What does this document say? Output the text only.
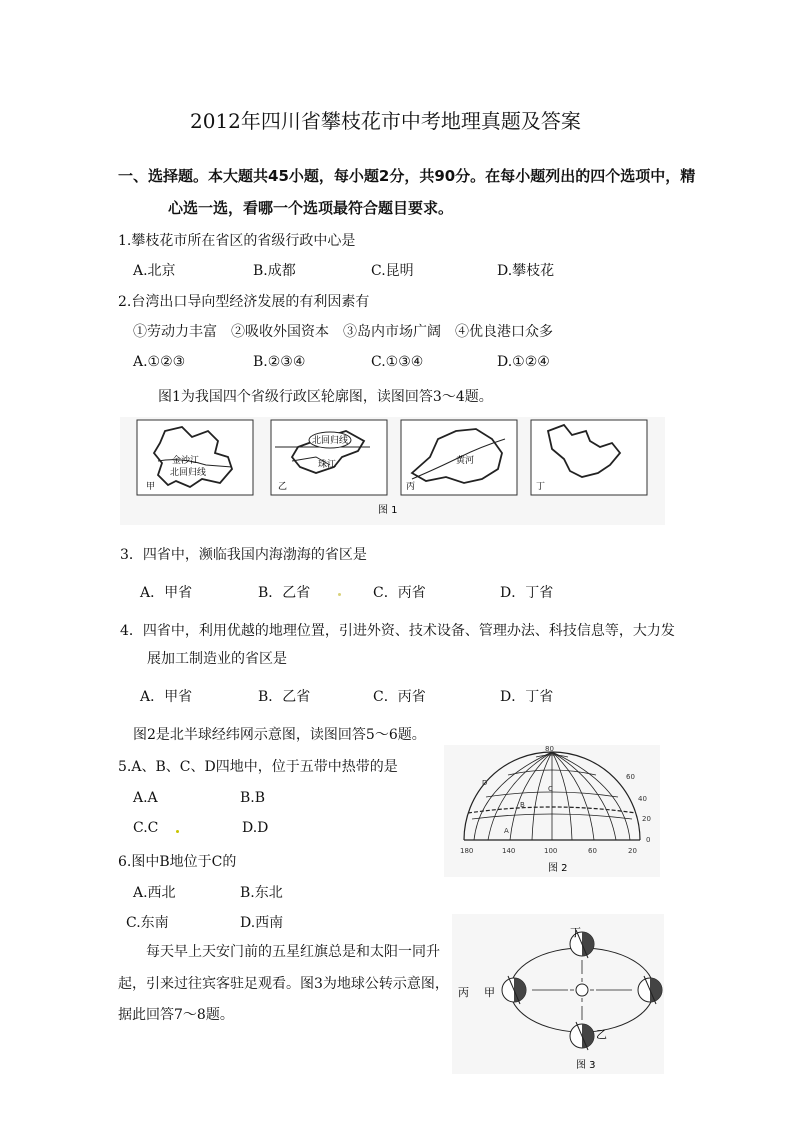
2012年四川省攀枝花市中考地理真题及答案
一、选择题。本大题共45小题，每小题2分，共90分。在每小题列出的四个选项中，精
心选一选，看哪一个选项最符合题目要求。
1.攀枝花市所在省区的省级行政中心是
A.北京	B.成都	C.昆明	D.攀枝花
2.台湾出口导向型经济发展的有利因素有
①劳动力丰富 ②吸收外国资本 ③岛内市场广阔 ④优良港口众多
A.①②③	B.②③④	C.①③④	D.①②④
图1为我国四个省级行政区轮廓图，读图回答3～4题。
金沙江
北回归线
甲
北回归线
珠江
乙
黄河
丙	丁
图 1
3．四省中，濒临我国内海渤海的省区是
A．甲省	B．乙省	C．丙省	D．丁省
4．四省中，利用优越的地理位置，引进外资、技术设备、管理办法、科技信息等，大力发
展加工制造业的省区是
A．甲省	B．乙省	C．丙省	D．丁省
图2是北半球经纬网示意图，读图回答5～6题。
5.A、B、C、D四地中，位于五带中热带的是
A.A	B.B
C.C	D.D
6.图中B地位于C的
A.西北	B.东北
C.东南	D.西南
80
60
40
20
0
180	140	100	60	20
A
B
C
D
图 2
每天早上天安门前的五星红旗总是和太阳一同升
起，引来过往宾客驻足观看。图3为地球公转示意图，
据此回答7～8题。
丁
丙 甲
乙
图 3
